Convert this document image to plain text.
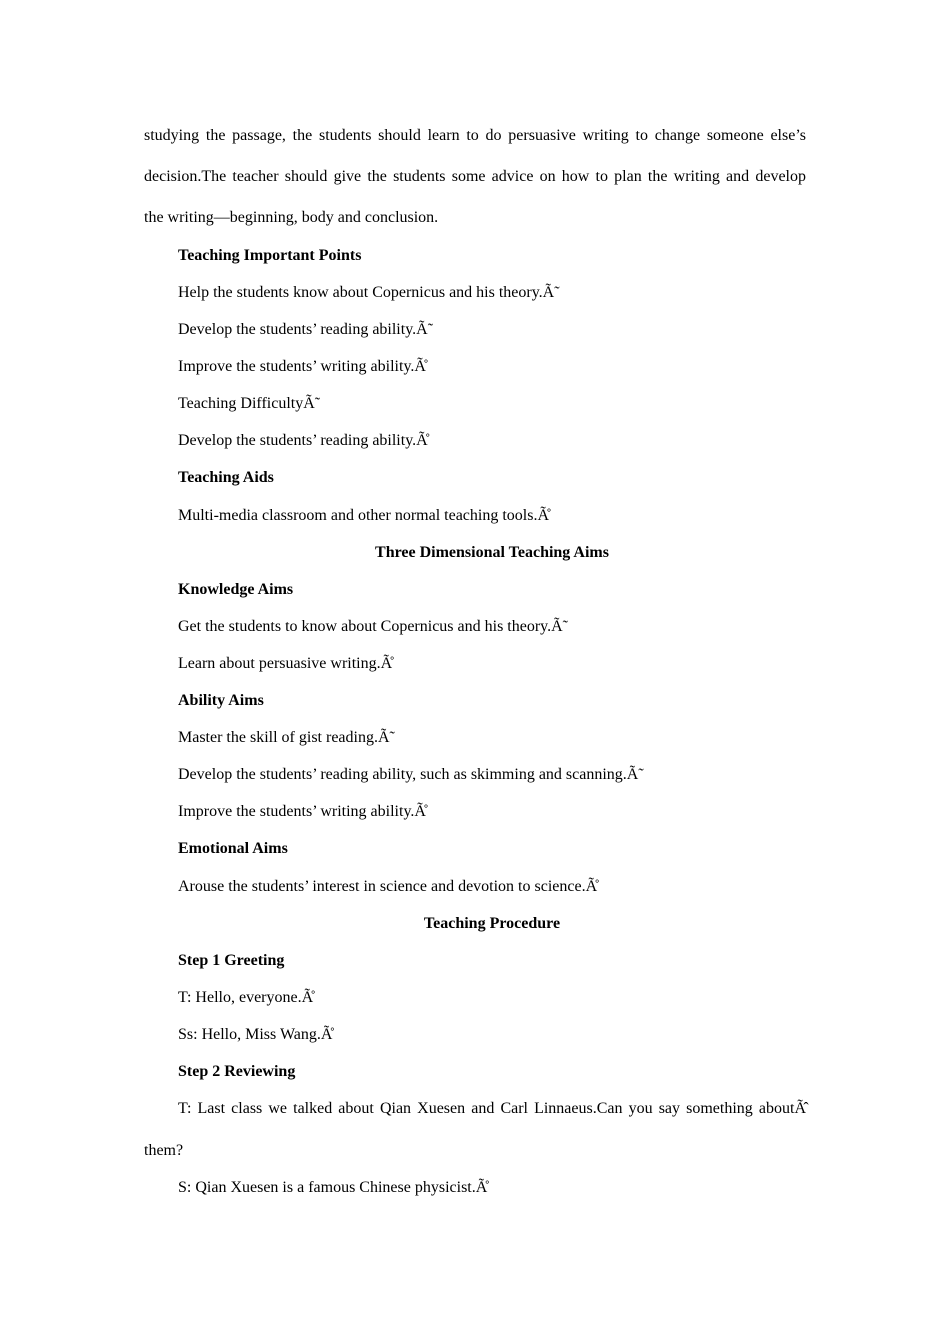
studying the passage, the students should learn to do persuasive writing to change someone else’s
decision.The teacher should give the students some advice on how to plan the writing and develop
the writing—beginning, body and conclusion.
Teaching Important Points
Help the students know about Copernicus and his theory.Ã̃
Develop the students’ reading ability.Ã̃
Improve the students’ writing ability.Ã̊
Teaching DifficultyÃ̃
Develop the students’ reading ability.Ã̊
Teaching Aids
Multi-media classroom and other normal teaching tools.Ã̊
Three Dimensional Teaching Aims
Knowledge Aims
Get the students to know about Copernicus and his theory.Ã̃
Learn about persuasive writing.Ã̊
Ability Aims
Master the skill of gist reading.Ã̃
Develop the students’ reading ability, such as skimming and scanning.Ã̃
Improve the students’ writing ability.Ã̊
Emotional Aims
Arouse the students’ interest in science and devotion to science.Ã̊
Teaching Procedure
Step 1 Greeting
T: Hello, everyone.Ã̊
Ss: Hello, Miss Wang.Ã̊
Step 2 Reviewing
T: Last class we talked about Qian Xuesen and Carl Linnaeus.Can you say something aboutÃ̂
them?
S: Qian Xuesen is a famous Chinese physicist.Ã̊
